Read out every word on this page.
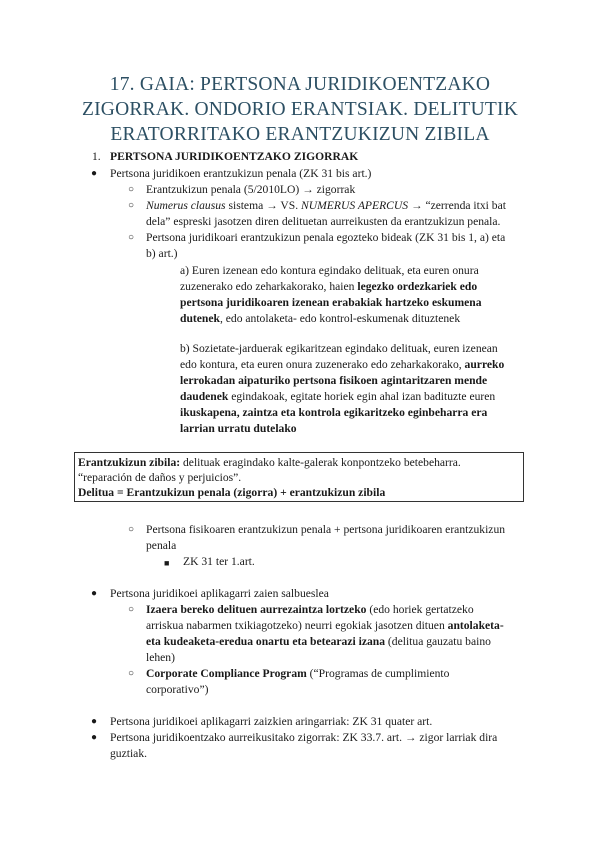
17. GAIA: PERTSONA JURIDIKOENTZAKO
ZIGORRAK. ONDORIO ERANTSIAK. DELITUTIK
ERATORRITAKO ERANTZUKIZUN ZIBILA
1. PERTSONA JURIDIKOENTZAKO ZIGORRAK
● Pertsona juridikoen erantzukizun penala (ZK 31 bis art.)
○ Erantzukizun penala (5/2010LO) → zigorrak
○ Numerus clausus sistema → VS. NUMERUS APERCUS → “zerrenda itxi bat
dela” espreski jasotzen diren delituetan aurreikusten da erantzukizun penala.
○ Pertsona juridikoari erantzukizun penala egozteko bideak (ZK 31 bis 1, a) eta
b) art.)
a) Euren izenean edo kontura egindako delituak, eta euren onura
zuzenerako edo zeharkakorako, haien legezko ordezkariek edo
pertsona juridikoaren izenean erabakiak hartzeko eskumena
dutenek, edo antolaketa- edo kontrol-eskumenak dituztenek
b) Sozietate-jarduerak egikaritzean egindako delituak, euren izenean
edo kontura, eta euren onura zuzenerako edo zeharkakorako, aurreko
lerrokadan aipaturiko pertsona fisikoen agintaritzaren mende
daudenek egindakoak, egitate horiek egin ahal izan badituzte euren
ikuskapena, zaintza eta kontrola egikaritzeko eginbeharra era
larrian urratu dutelako
Erantzukizun zibila: delituak eragindako kalte-galerak konpontzeko betebeharra.
“reparación de daños y perjuicios”.
Delitua = Erantzukizun penala (zigorra) + erantzukizun zibila
○ Pertsona fisikoaren erantzukizun penala + pertsona juridikoaren erantzukizun
penala
■ ZK 31 ter 1.art.
● Pertsona juridikoei aplikagarri zaien salbueslea
○ Izaera bereko delituen aurrezaintza lortzeko (edo horiek gertatzeko
arriskua nabarmen txikiagotzeko) neurri egokiak jasotzen dituen antolaketa-
eta kudeaketa-eredua onartu eta betearazi izana (delitua gauzatu baino
lehen)
○ Corporate Compliance Program (“Programas de cumplimiento
corporativo”)
● Pertsona juridikoei aplikagarri zaizkien aringarriak: ZK 31 quater art.
● Pertsona juridikoentzako aurreikusitako zigorrak: ZK 33.7. art. → zigor larriak dira
guztiak.
